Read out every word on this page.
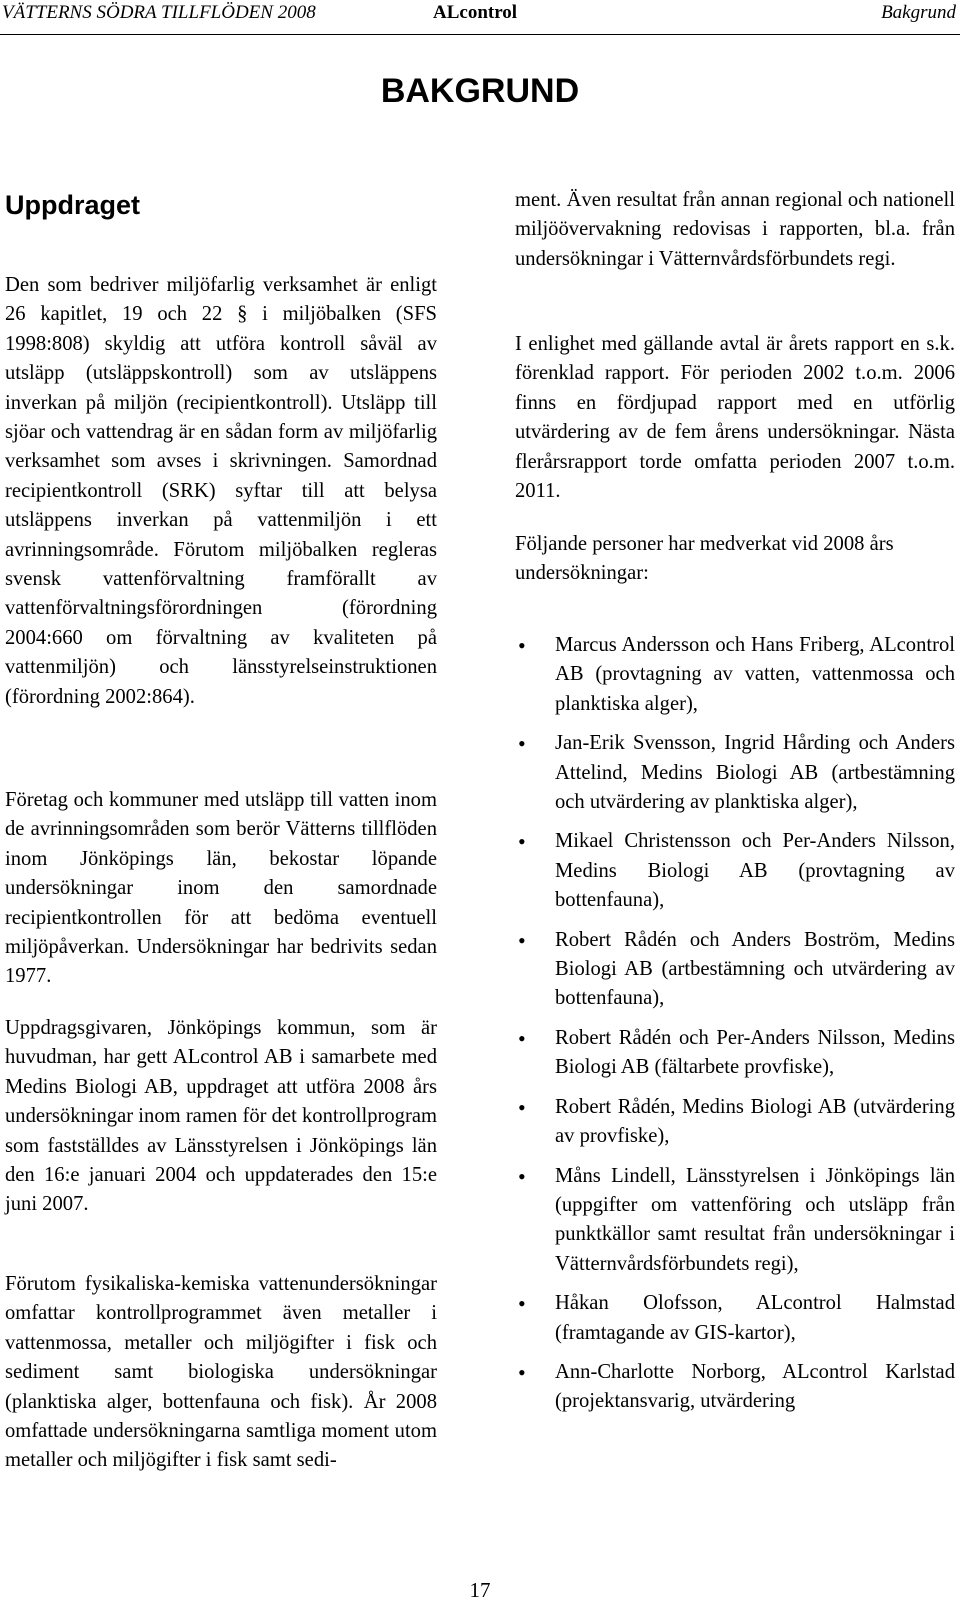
VÄTTERNS SÖDRA TILLFLÖDEN 2008	ALcontrol	Bakgrund
BAKGRUND
Uppdraget

Den som bedriver miljöfarlig verksamhet är enligt 26 kapitlet, 19 och 22 § i miljöbalken (SFS 1998:808) skyldig att utföra kontroll såväl av utsläpp (utsläppskontroll) som av utsläppens inverkan på miljön (recipientkontroll). Utsläpp till sjöar och vattendrag är en sådan form av miljöfarlig verksamhet som avses i skrivningen. Samordnad recipientkontroll (SRK) syftar till att belysa utsläppens inverkan på vattenmiljön i ett avrinningsområde. Förutom miljöbalken regleras svensk vattenförvaltning framförallt av vattenförvaltningsförordningen (förordning 2004:660 om förvaltning av kvaliteten på vattenmiljön) och länsstyrelseinstruktionen (förordning 2002:864).

Företag och kommuner med utsläpp till vatten inom de avrinningsområden som berör Vätterns tillflöden inom Jönköpings län, bekostar löpande undersökningar inom den samordnade recipientkontrollen för att bedöma eventuell miljöpåverkan. Undersökningar har bedrivits sedan 1977.

Uppdragsgivaren, Jönköpings kommun, som är huvudman, har gett ALcontrol AB i samarbete med Medins Biologi AB, uppdraget att utföra 2008 års undersökningar inom ramen för det kontrollprogram som fastställdes av Länsstyrelsen i Jönköpings län den 16:e januari 2004 och uppdaterades den 15:e juni 2007.

Förutom fysikaliska-kemiska vattenundersökningar omfattar kontrollprogrammet även metaller i vattenmossa, metaller och miljögifter i fisk och sediment samt biologiska undersökningar (planktiska alger, bottenfauna och fisk). År 2008 omfattade undersökningarna samtliga moment utom metaller och miljögifter i fisk samt sedi-

ment. Även resultat från annan regional och nationell miljöövervakning redovisas i rapporten, bl.a. från undersökningar i Vätternvårdsförbundets regi.

I enlighet med gällande avtal är årets rapport en s.k. förenklad rapport. För perioden 2002 t.o.m. 2006 finns en fördjupad rapport med en utförlig utvärdering av de fem årens undersökningar. Nästa flerårsrapport torde omfatta perioden 2007 t.o.m. 2011.

Följande personer har medverkat vid 2008 års undersökningar:

• Marcus Andersson och Hans Friberg, ALcontrol AB (provtagning av vatten, vattenmossa och planktiska alger),
• Jan-Erik Svensson, Ingrid Hårding och Anders Attelind, Medins Biologi AB (artbestämning och utvärdering av planktiska alger),
• Mikael Christensson och Per-Anders Nilsson, Medins Biologi AB (provtagning av bottenfauna),
• Robert Rådén och Anders Boström, Medins Biologi AB (artbestämning och utvärdering av bottenfauna),
• Robert Rådén och Per-Anders Nilsson, Medins Biologi AB (fältarbete provfiske),
• Robert Rådén, Medins Biologi AB (utvärdering av provfiske),
• Måns Lindell, Länsstyrelsen i Jönköpings län (uppgifter om vattenföring och utsläpp från punktkällor samt resultat från undersökningar i Vätternvårdsförbundets regi),
• Håkan Olofsson, ALcontrol Halmstad (framtagande av GIS-kartor),
• Ann-Charlotte Norborg, ALcontrol Karlstad (projektansvarig, utvärdering
17
